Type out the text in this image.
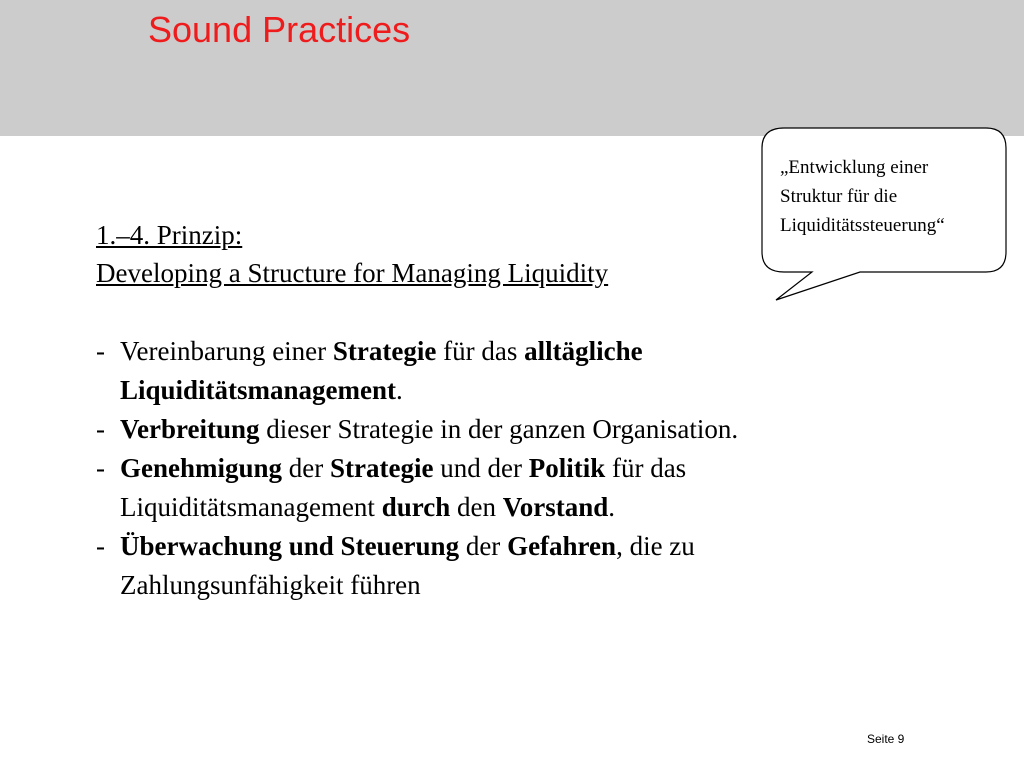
Sound Practices
„Entwicklung einer
Struktur für die
Liquiditätssteuerung“
1.–4. Prinzip:
Developing a Structure for Managing Liquidity
- Vereinbarung einer Strategie für das alltägliche
Liquiditätsmanagement.
- Verbreitung dieser Strategie in der ganzen Organisation.
- Genehmigung der Strategie und der Politik für das
Liquiditätsmanagement durch den Vorstand.
- Überwachung und Steuerung der Gefahren, die zu
Zahlungsunfähigkeit führen
Seite 9
